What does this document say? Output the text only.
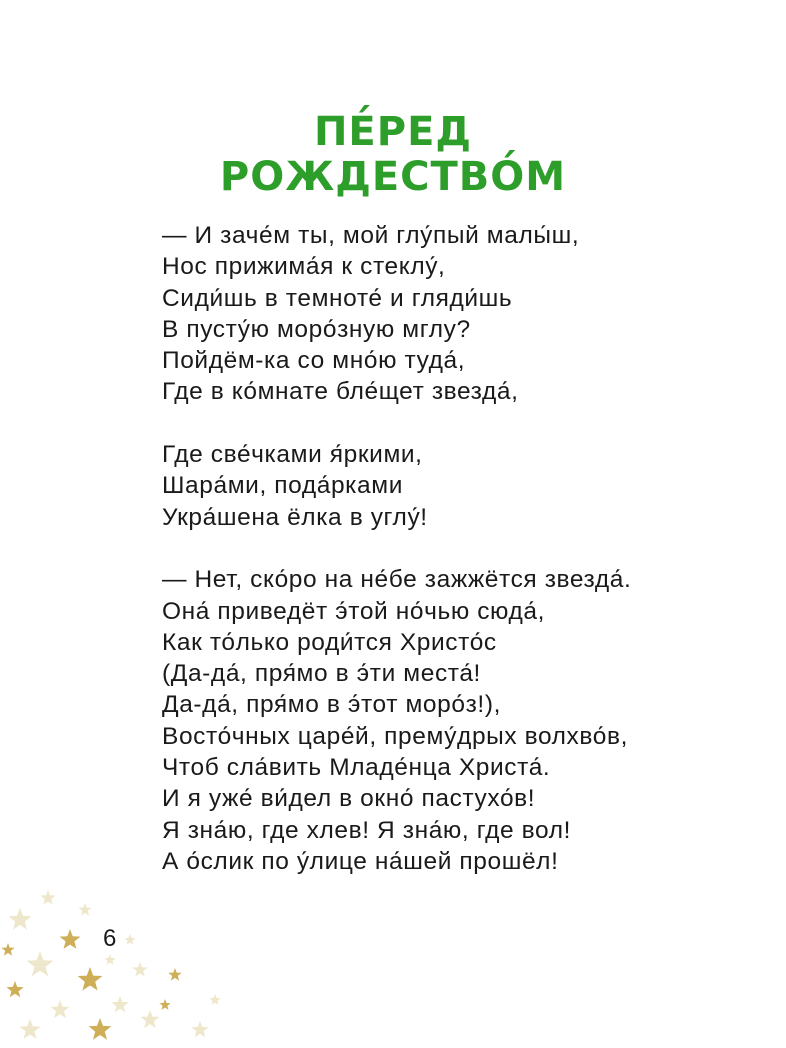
ПЕ́РЕД
РОЖДЕСТВО́М
— И заче́м ты, мой глу́пый малы́ш,
Нос прижима́я к стеклу́,
Сиди́шь в темноте́ и гляди́шь
В пусту́ю моро́зную мглу?
Пойдём-ка со мно́ю туда́,
Где в ко́мнате бле́щет звезда́,
Где све́чками я́ркими,
Шара́ми, пода́рками
Укра́шена ёлка в углу́!
— Нет, ско́ро на не́бе зажжётся звезда́.
Она́ приведёт э́той но́чью сюда́,
Как то́лько роди́тся Христо́с
(Да-да́, пря́мо в э́ти места́!
Да-да́, пря́мо в э́тот моро́з!),
Восто́чных царе́й, прему́дрых волхво́в,
Чтоб сла́вить Младе́нца Христа́.
И я уже́ ви́дел в окно́ пастухо́в!
Я зна́ю, где хлев! Я зна́ю, где вол!
А о́слик по у́лице на́шей прошёл!
6
